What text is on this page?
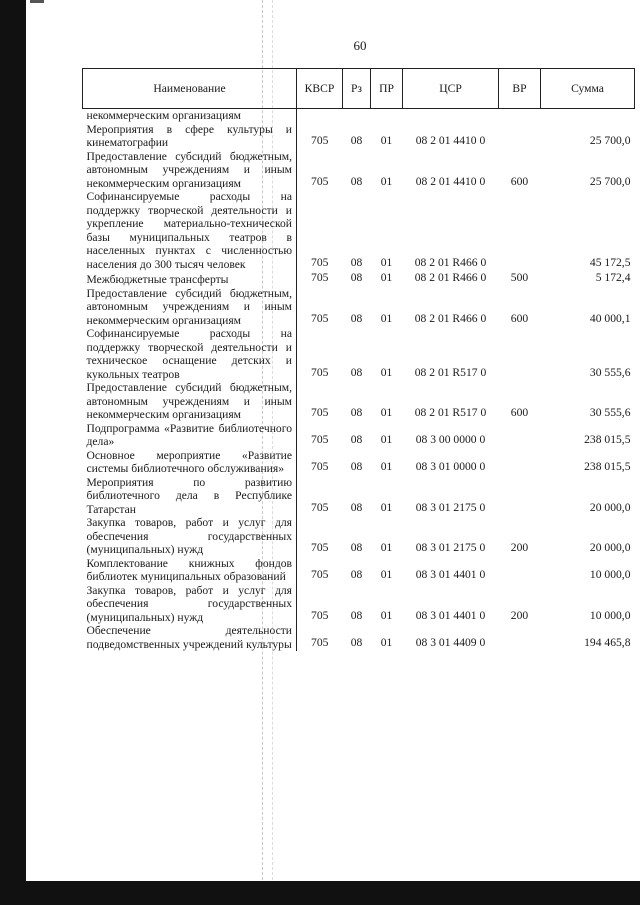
60
Наименование	КВСР	Рз	ПР	ЦСР	ВР	Сумма
некоммерческим организациям						
Мероприятия в сфере культуры и кинематографии	705	08	01	08 2 01 4410 0		25 700,0
Предоставление субсидий бюджетным, автономным учреждениям и иным некоммерческим организациям	705	08	01	08 2 01 4410 0	600	25 700,0
Софинансируемые расходы на поддержку творческой деятельности и укрепление материально-технической базы муниципальных театров в населенных пунктах с численностью населения до 300 тысяч человек	705	08	01	08 2 01 R466 0		45 172,5
Межбюджетные трансферты	705	08	01	08 2 01 R466 0	500	5 172,4
Предоставление субсидий бюджетным, автономным учреждениям и иным некоммерческим организациям	705	08	01	08 2 01 R466 0	600	40 000,1
Софинансируемые расходы на поддержку творческой деятельности и техническое оснащение детских и кукольных театров	705	08	01	08 2 01 R517 0		30 555,6
Предоставление субсидий бюджетным, автономным учреждениям и иным некоммерческим организациям	705	08	01	08 2 01 R517 0	600	30 555,6
Подпрограмма «Развитие библиотечного дела»	705	08	01	08 3 00 0000 0		238 015,5
Основное мероприятие «Развитие системы библиотечного обслуживания»	705	08	01	08 3 01 0000 0		238 015,5
Мероприятия по развитию библиотечного дела в Республике Татарстан	705	08	01	08 3 01 2175 0		20 000,0
Закупка товаров, работ и услуг для обеспечения государственных (муниципальных) нужд	705	08	01	08 3 01 2175 0	200	20 000,0
Комплектование книжных фондов библиотек муниципальных образований	705	08	01	08 3 01 4401 0		10 000,0
Закупка товаров, работ и услуг для обеспечения государственных (муниципальных) нужд	705	08	01	08 3 01 4401 0	200	10 000,0
Обеспечение деятельности подведомственных учреждений культуры	705	08	01	08 3 01 4409 0		194 465,8
